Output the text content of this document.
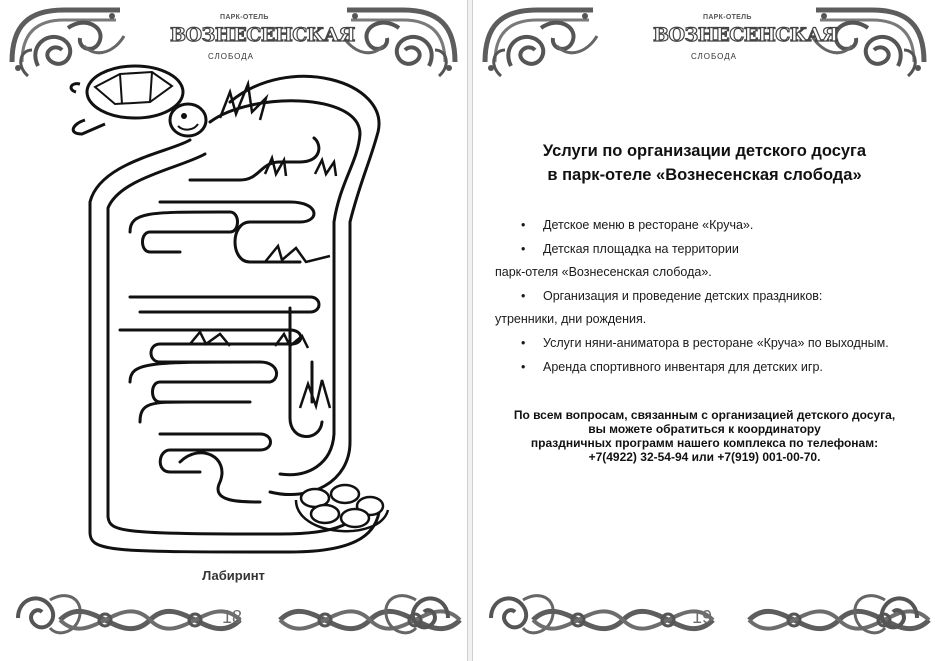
ПАРК-ОТЕЛЬ
ВОЗНЕСЕНСКАЯ
СЛОБОДА
Лабиринт
18
ПАРК-ОТЕЛЬ
ВОЗНЕСЕНСКАЯ
СЛОБОДА
Услуги по организации детского досуга
в парк-отеле «Вознесенская слобода»
• Детское меню в ресторане «Круча».
• Детская площадка на территории
парк-отеля «Вознесенская слобода».
• Организация и проведение детских праздников:
утренники, дни рождения.
• Услуги няни-аниматора в ресторане «Круча» по выходным.
• Аренда спортивного инвентаря для детских игр.
По всем вопросам, связанным с организацией детского досуга,
вы можете обратиться к координатору
праздничных программ нашего комплекса по телефонам:
+7(4922) 32-54-94 или +7(919) 001-00-70.
19
